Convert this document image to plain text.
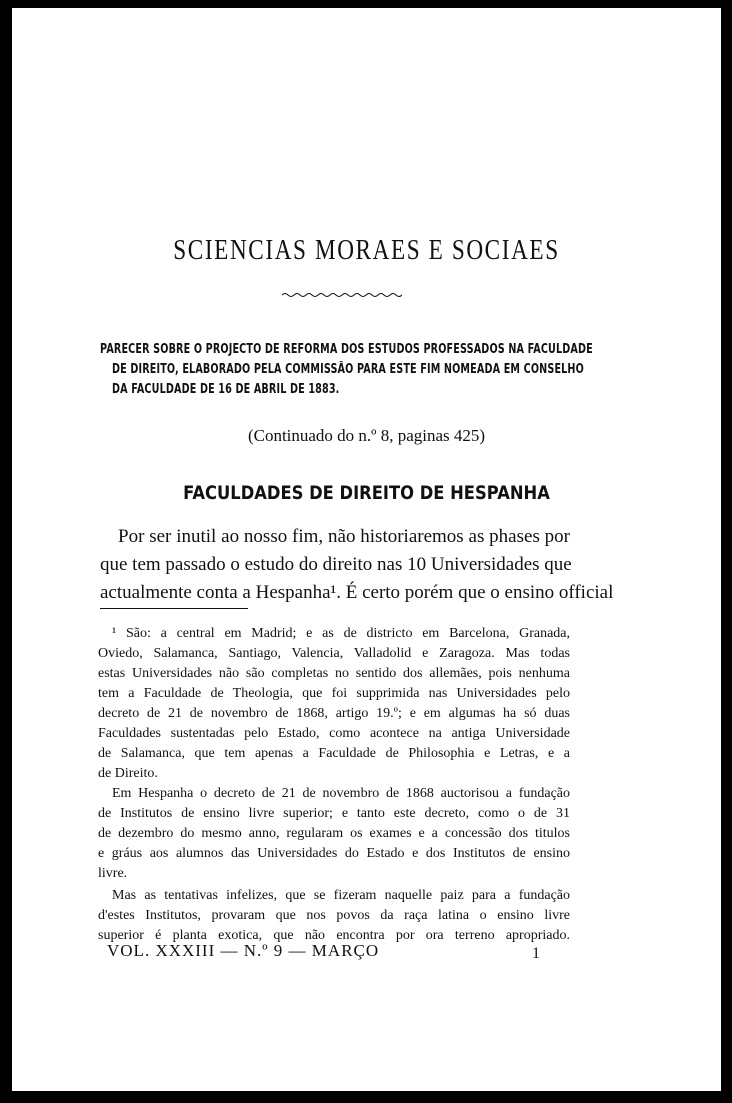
SCIENCIAS MORAES E SOCIAES
PARECER SOBRE O PROJECTO DE REFORMA DOS ESTUDOS PROFESSADOS NA FACULDADE
DE DIREITO, ELABORADO PELA COMMISSÃO PARA ESTE FIM NOMEADA EM CONSELHO
DA FACULDADE DE 16 DE ABRIL DE 1883.
(Continuado do n.º 8, paginas 425)
FACULDADES DE DIREITO DE HESPANHA
Por ser inutil ao nosso fim, não historiaremos as phases por
que tem passado o estudo do direito nas 10 Universidades que
actualmente conta a Hespanha¹. É certo porém que o ensino official
¹ São: a central em Madrid; e as de districto em Barcelona, Granada,
Oviedo, Salamanca, Santiago, Valencia, Valladolid e Zaragoza. Mas todas
estas Universidades não são completas no sentido dos allemães, pois nenhuma
tem a Faculdade de Theologia, que foi supprimida nas Universidades pelo
decreto de 21 de novembro de 1868, artigo 19.º; e em algumas ha só duas
Faculdades sustentadas pelo Estado, como acontece na antiga Universidade
de Salamanca, que tem apenas a Faculdade de Philosophia e Letras, e a
de Direito.
Em Hespanha o decreto de 21 de novembro de 1868 auctorisou a fundação
de Institutos de ensino livre superior; e tanto este decreto, como o de 31
de dezembro do mesmo anno, regularam os exames e a concessão dos titulos
e gráus aos alumnos das Universidades do Estado e dos Institutos de ensino
livre.
Mas as tentativas infelizes, que se fizeram naquelle paiz para a fundação
d'estes Institutos, provaram que nos povos da raça latina o ensino livre
superior é planta exotica, que não encontra por ora terreno apropriado.
VOL. XXXIII — N.º 9 — MARÇO	1
